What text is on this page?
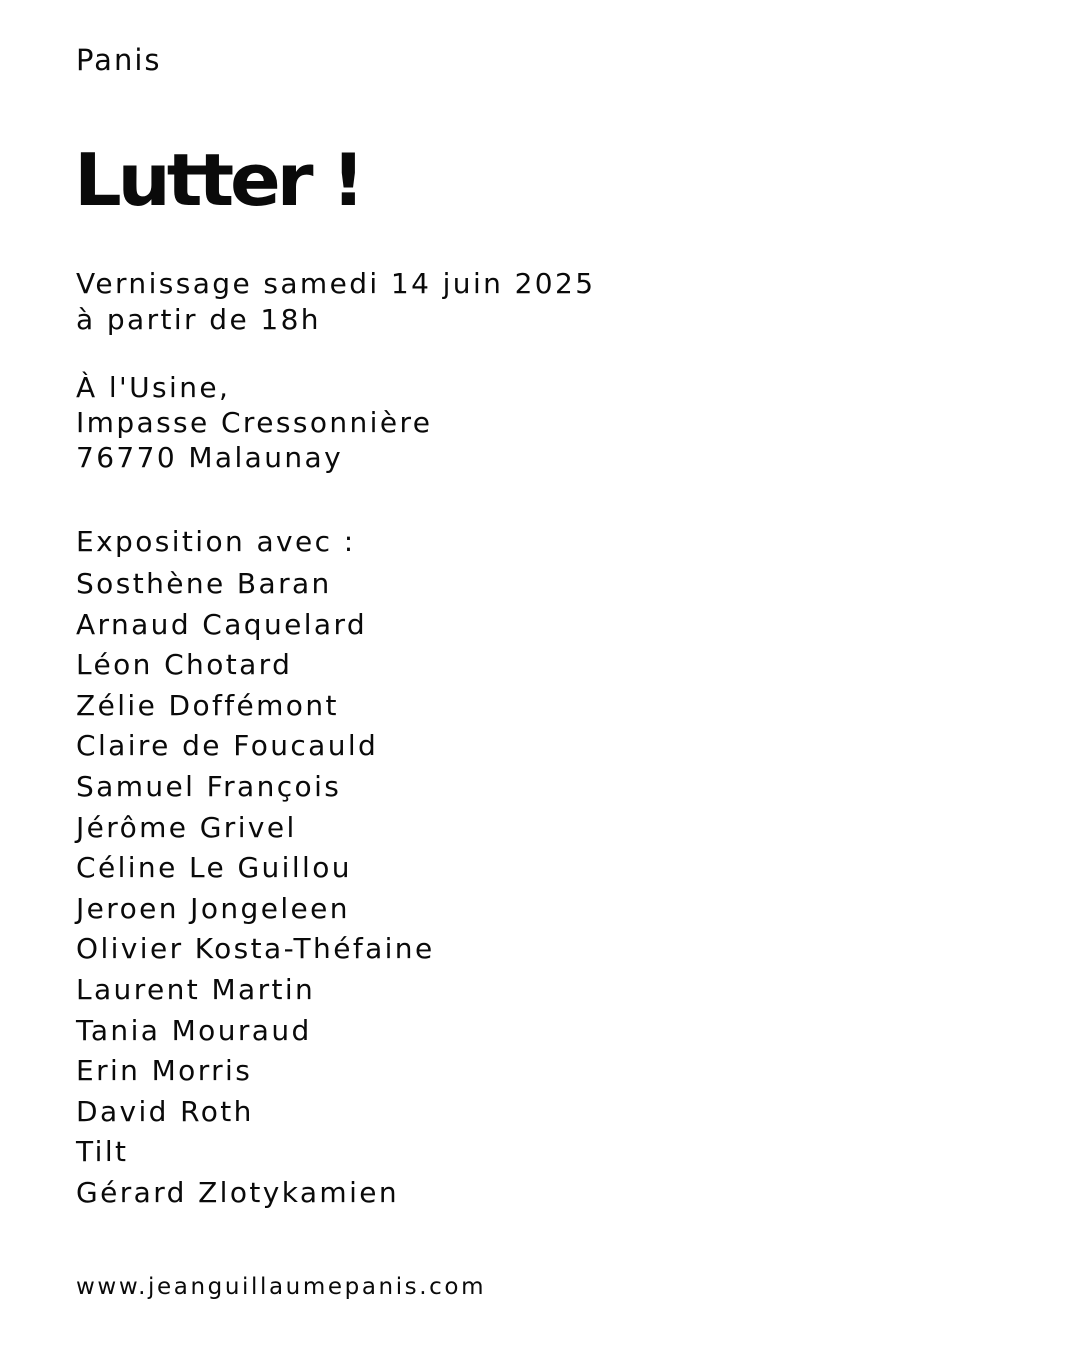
Panis
Lutter !
Vernissage samedi 14 juin 2025
à partir de 18h
À l'Usine,
Impasse Cressonnière
76770 Malaunay
Exposition avec :
Sosthène Baran
Arnaud Caquelard
Léon Chotard
Zélie Doffémont
Claire de Foucauld
Samuel François
Jérôme Grivel
Céline Le Guillou
Jeroen Jongeleen
Olivier Kosta-Théfaine
Laurent Martin
Tania Mouraud
Erin Morris
David Roth
Tilt
Gérard Zlotykamien
www.jeanguillaumepanis.com
